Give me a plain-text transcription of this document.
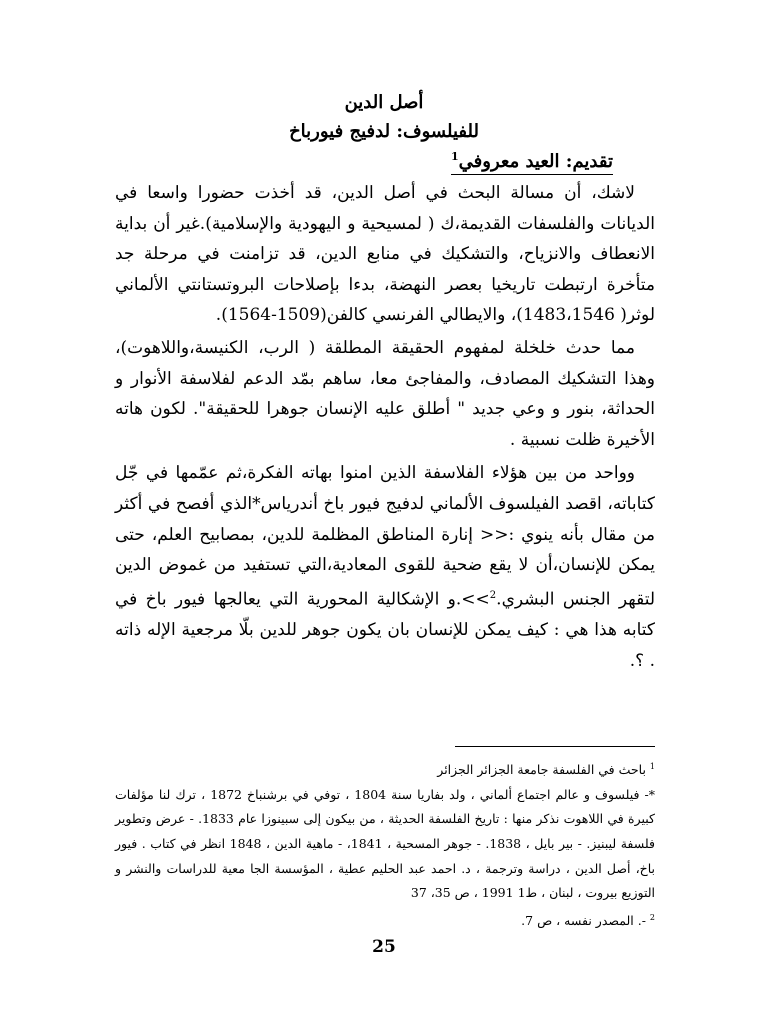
أصل الدين
للفيلسوف: لدفيج فيورباخ
تقديم: العيد معروفي$^1$

لاشك، أن مسالة البحث في أصل الدين، قد أخذت حضورا واسعا في الديانات والفلسفات القديمة،ك ( لمسيحية و اليهودية والإسلامية).غير أن بداية الانعطاف والانزياح، والتشكيك في منابع الدين، قد تزامنت في مرحلة جد متأخرة ارتبطت تاريخيا بعصر النهضة، بدءا بإصلاحات البروتستانتي الألماني لوثر( 1483،1546)، والايطالي الفرنسي كالفن(1509-1564).

مما حدث خلخلة لمفهوم الحقيقة المطلقة ( الرب، الكنيسة،واللاهوت)، وهذا التشكيك المصادف، والمفاجئ معا، ساهم بمّد الدعم لفلاسفة الأنوار و الحداثة، بنور و وعي جديد " أطلق عليه الإنسان جوهرا للحقيقة". لكون هاته الأخيرة ظلت نسبية .

وواحد من بين هؤلاء الفلاسفة الذين امنوا بهاته الفكرة،ثم عمّمها في جّل كتاباته، اقصد الفيلسوف الألماني لدفيج فيور باخ أندرياس*الذي أفصح في أكثر من مقال بأنه ينوي :<< إنارة المناطق المظلمة للدين، بمصابيح العلم، حتى يمكن للإنسان،أن لا يقع ضحية للقوى المعادية،التي تستفيد من غموض الدين لتقهر الجنس البشري.$^2$>>.و الإشكالية المحورية التي يعالجها فيور باخ في كتابه هذا هي : كيف يمكن للإنسان بان يكون جوهر للدين بلّا مرجعية الإله ذاته . ؟.

$^1$ باحث في الفلسفة جامعة الجزائر الجزائر

*- فيلسوف و عالم اجتماع ألماني ، ولد بفاريا سنة 1804 ، توفي في برشنباخ 1872 ، ترك لنا مؤلفات كبيرة في اللاهوت نذكر منها : تاريخ الفلسفة الحديثة ، من بيكون إلى سبينوزا عام 1833. - عرض وتطوير فلسفة ليبنيز. - بير بايل ، 1838. - جوهر المسحية ، 1841، - ماهية الدين ، 1848 انظر في كتاب . فيور باخ، أصل الدين ، دراسة وترجمة ، د. احمد عبد الحليم عطية ، المؤسسة الجا معية للدراسات والنشر و التوزيع بيروت ، لبنان ، ط1 1991 ، ص 35، 37

$^2$ -. المصدر نفسه ، ص 7.

25
